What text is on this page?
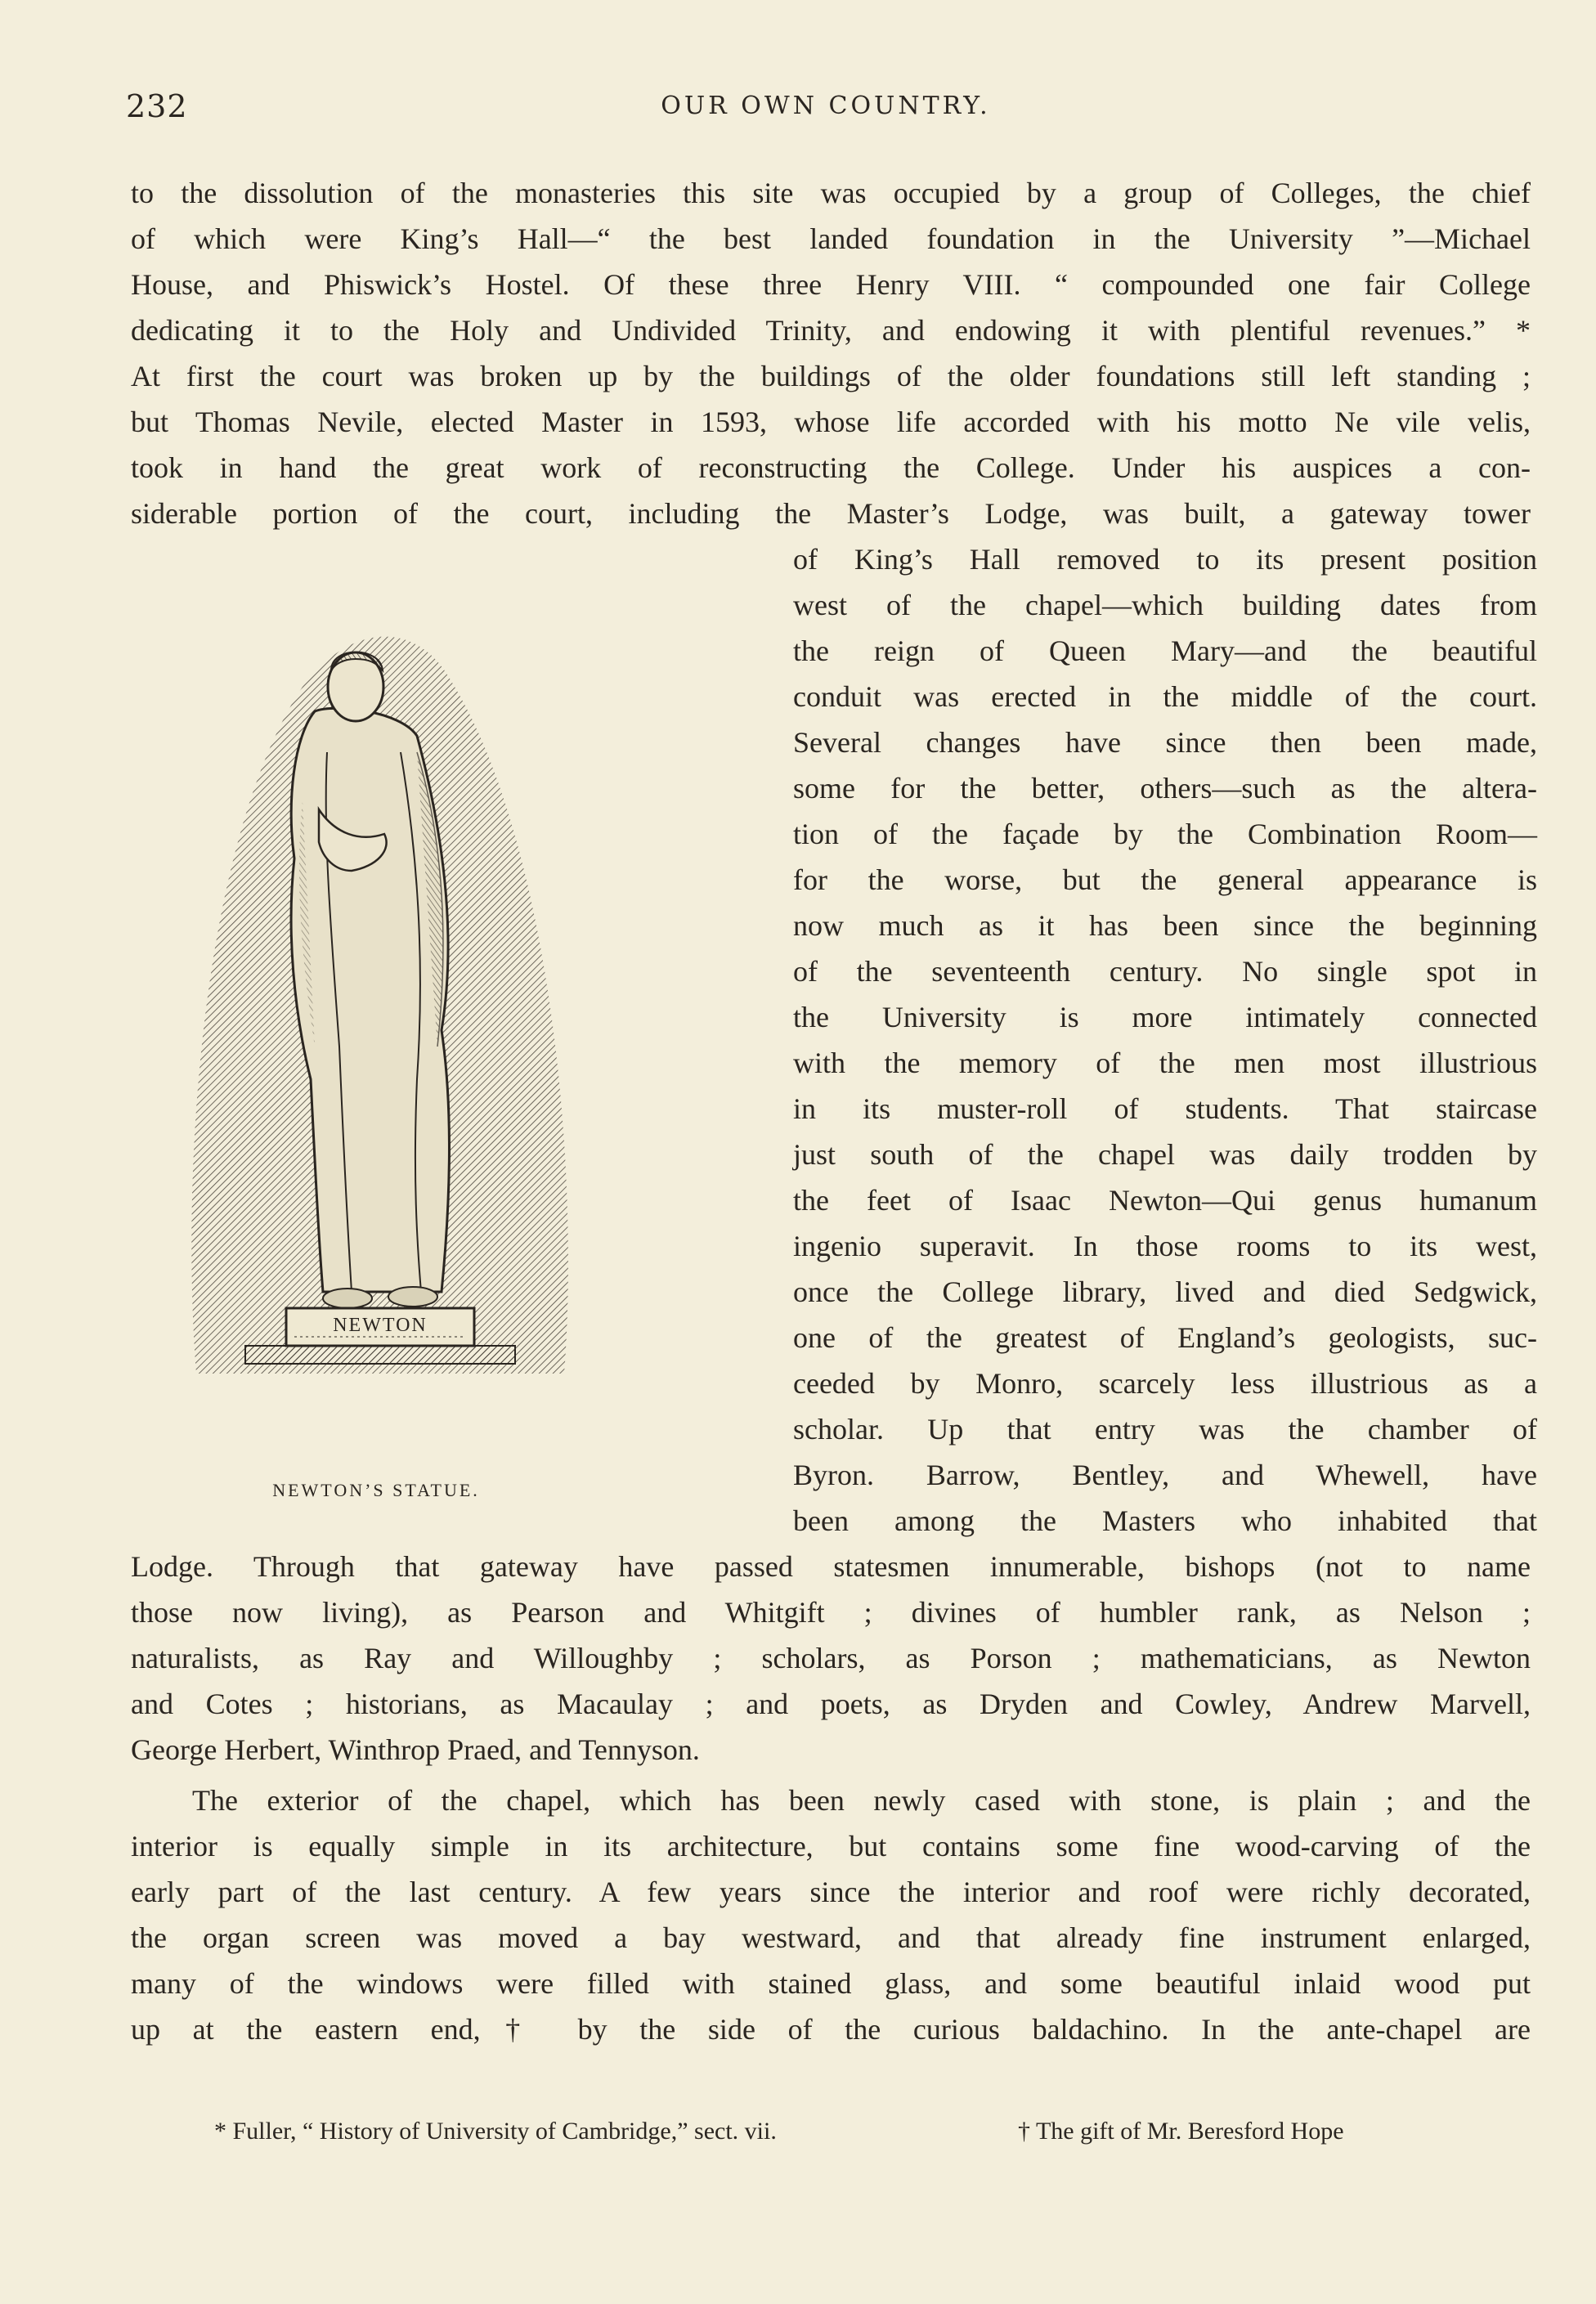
232	OUR OWN COUNTRY.
to the dissolution of the monasteries this site was occupied by a group of Colleges, the chief
of which were King’s Hall—“ the best landed foundation in the University ”—Michael
House, and Phiswick’s Hostel. Of these three Henry VIII. “ compounded one fair College
dedicating it to the Holy and Undivided Trinity, and endowing it with plentiful revenues.” *
At first the court was broken up by the buildings of the older foundations still left standing ;
but Thomas Nevile, elected Master in 1593, whose life accorded with his motto Ne vile velis,
took in hand the great work of reconstructing the College. Under his auspices a con-
siderable portion of the court, including the Master’s Lodge, was built, a gateway tower
of King’s Hall removed to its present position
west of the chapel—which building dates from
the reign of Queen Mary—and the beautiful
conduit was erected in the middle of the court.
Several changes have since then been made,
some for the better, others—such as the altera-
tion of the façade by the Combination Room—
for the worse, but the general appearance is
now much as it has been since the beginning
of the seventeenth century. No single spot in
the University is more intimately connected
with the memory of the men most illustrious
in its muster-roll of students. That staircase
just south of the chapel was daily trodden by
the feet of Isaac Newton—Qui genus humanum
ingenio superavit. In those rooms to its west,
once the College library, lived and died Sedgwick,
one of the greatest of England’s geologists, suc-
ceeded by Monro, scarcely less illustrious as a
scholar. Up that entry was the chamber of
Byron. Barrow, Bentley, and Whewell, have
been among the Masters who inhabited that
Lodge. Through that gateway have passed statesmen innumerable, bishops (not to name
those now living), as Pearson and Whitgift ; divines of humbler rank, as Nelson ;
naturalists, as Ray and Willoughby ; scholars, as Porson ; mathematicians, as Newton
and Cotes ; historians, as Macaulay ; and poets, as Dryden and Cowley, Andrew Marvell,
George Herbert, Winthrop Praed, and Tennyson.
The exterior of the chapel, which has been newly cased with stone, is plain ; and the
interior is equally simple in its architecture, but contains some fine wood-carving of the
early part of the last century. A few years since the interior and roof were richly decorated,
the organ screen was moved a bay westward, and that already fine instrument enlarged,
many of the windows were filled with stained glass, and some beautiful inlaid wood put
up at the eastern end,† by the side of the curious baldachino. In the ante-chapel are
NEWTON
NEWTON’S STATUE.
* Fuller, “ History of University of Cambridge,” sect. vii.	† The gift of Mr. Beresford Hope
